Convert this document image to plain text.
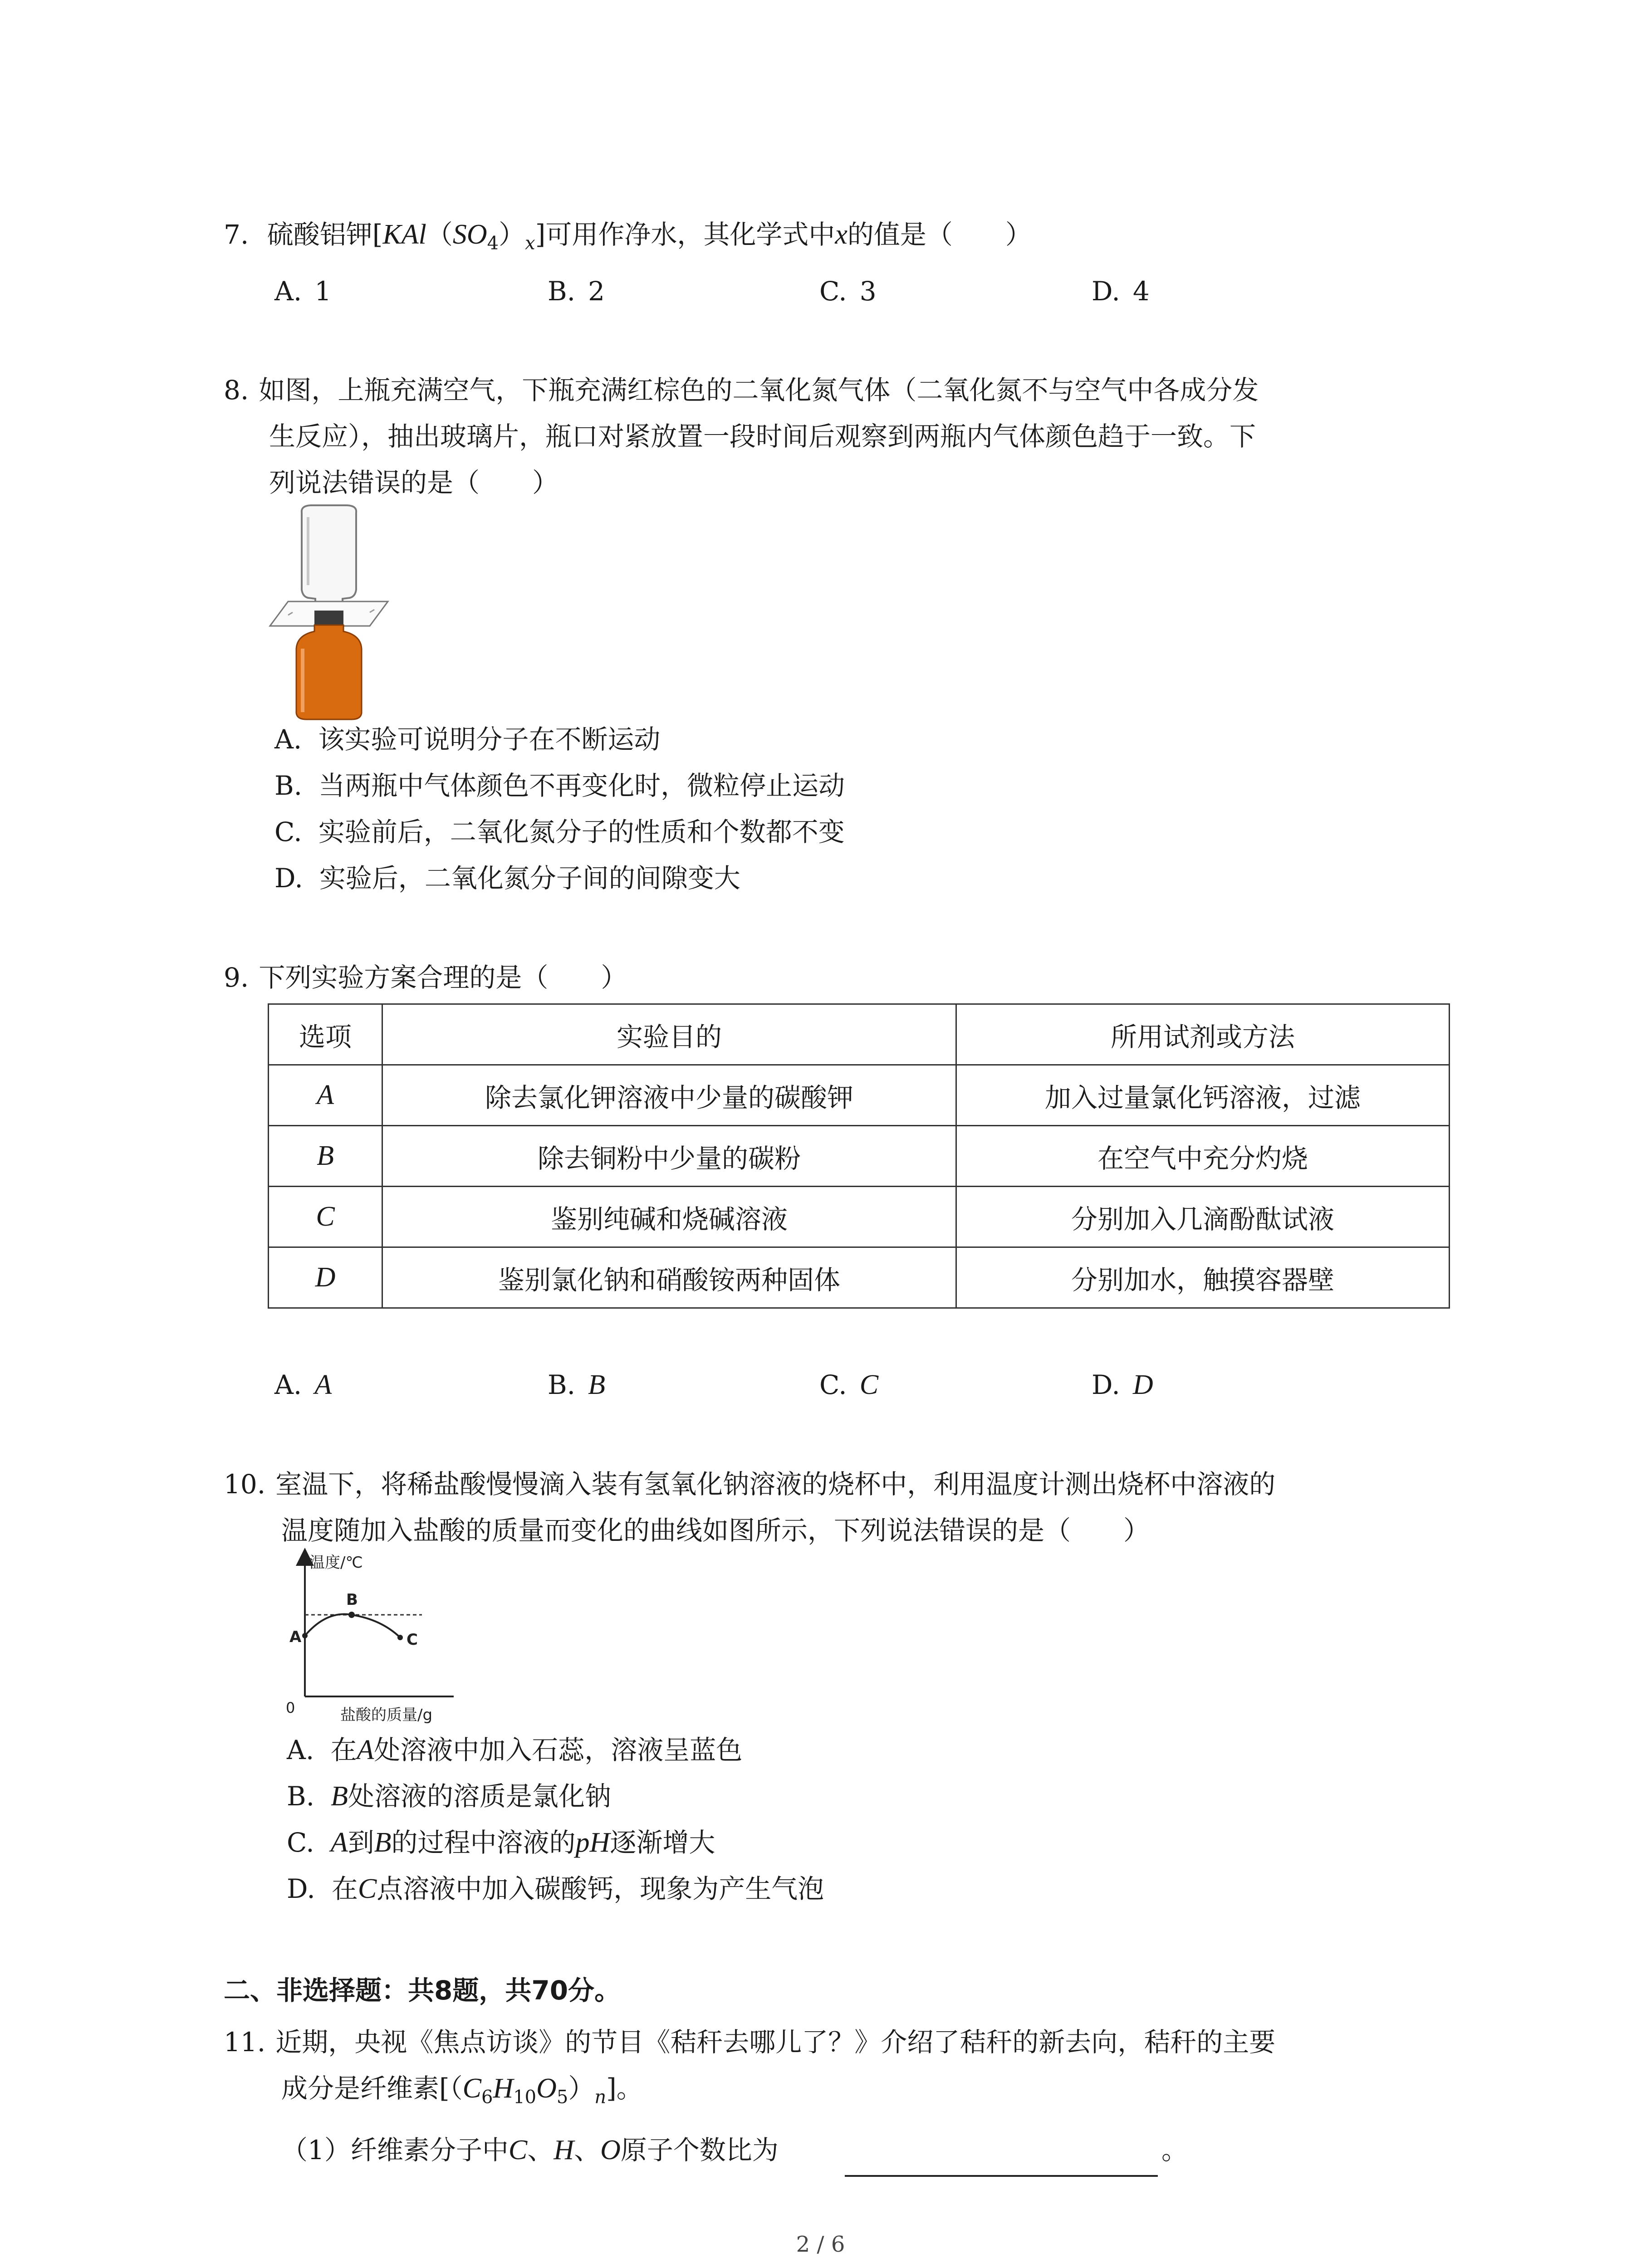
7. 硫酸铝钾$[KAl(SO_4)_x]$可用作净水，其化学式中x的值是（　　）
A. 1	B. 2	C. 3	D. 4
8. 如图，上瓶充满空气，下瓶充满红棕色的二氧化氮气体（二氧化氮不与空气中各成分发
生反应），抽出玻璃片，瓶口对紧放置一段时间后观察到两瓶内气体颜色趋于一致。下
列说法错误的是（　　）
A. 该实验可说明分子在不断运动
B. 当两瓶中气体颜色不再变化时，微粒停止运动
C. 实验前后，二氧化氮分子的性质和个数都不变
D. 实验后，二氧化氮分子间的间隙变大
9. 下列实验方案合理的是（　　）
选项	实验目的	所用试剂或方法
A	除去氯化钾溶液中少量的碳酸钾	加入过量氯化钙溶液，过滤
B	除去铜粉中少量的碳粉	在空气中充分灼烧
C	鉴别纯碱和烧碱溶液	分别加入几滴酚酞试液
D	鉴别氯化钠和硝酸铵两种固体	分别加水，触摸容器壁
A. A	B. B	C. C	D. D
10. 室温下，将稀盐酸慢慢滴入装有氢氧化钠溶液的烧杯中，利用温度计测出烧杯中溶液的
温度随加入盐酸的质量而变化的曲线如图所示，下列说法错误的是（　　）
温度/℃
盐酸的质量/g
0
A
B
C
A. 在A处溶液中加入石蕊，溶液呈蓝色
B. B处溶液的溶质是氯化钠
C. A到B的过程中溶液的pH逐渐增大
D. 在C点溶液中加入碳酸钙，现象为产生气泡
二、非选择题：共8题，共70分。
11. 近期，央视《焦点访谈》的节目《秸秆去哪儿了？》介绍了秸秆的新去向，秸秆的主要
成分是纤维素$[(C_6H_{10}O_5)_n]$。
（1）纤维素分子中C、H、O原子个数比为	。
2 / 6
